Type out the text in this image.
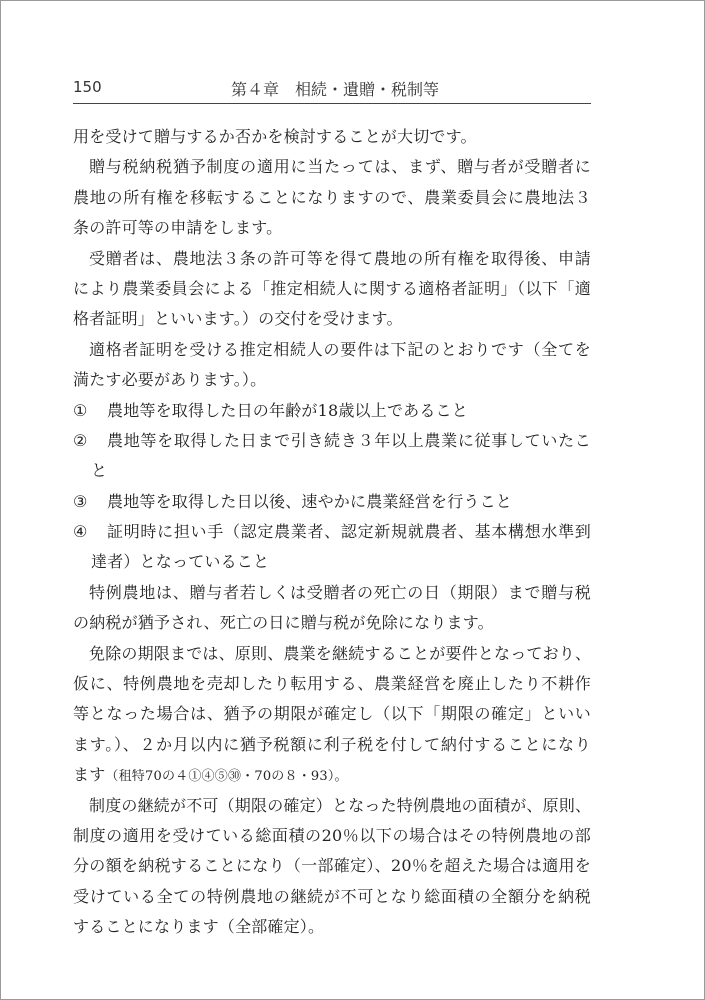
150	第４章　相続・遺贈・税制等
用を受けて贈与するか否かを検討することが大切です。
贈与税納税猶予制度の適用に当たっては、まず、贈与者が受贈者に
農地の所有権を移転することになりますので、農業委員会に農地法３
条の許可等の申請をします。
受贈者は、農地法３条の許可等を得て農地の所有権を取得後、申請
により農業委員会による「推定相続人に関する適格者証明」（以下「適
格者証明」といいます。）の交付を受けます。
適格者証明を受ける推定相続人の要件は下記のとおりです（全てを
満たす必要があります。）。
①	農地等を取得した日の年齢が18歳以上であること
②	農地等を取得した日まで引き続き３年以上農業に従事していたこ
と
③	農地等を取得した日以後、速やかに農業経営を行うこと
④	証明時に担い手（認定農業者、認定新規就農者、基本構想水準到
達者）となっていること
特例農地は、贈与者若しくは受贈者の死亡の日（期限）まで贈与税
の納税が猶予され、死亡の日に贈与税が免除になります。
免除の期限までは、原則、農業を継続することが要件となっており、
仮に、特例農地を売却したり転用する、農業経営を廃止したり不耕作
等となった場合は、猶予の期限が確定し（以下「期限の確定」といい
ます。）、２か月以内に猶予税額に利子税を付して納付することになり
ます（租特70の４①④⑤㉚・70の８・93）。
制度の継続が不可（期限の確定）となった特例農地の面積が、原則、
制度の適用を受けている総面積の20％以下の場合はその特例農地の部
分の額を納税することになり（一部確定）、20％を超えた場合は適用を
受けている全ての特例農地の継続が不可となり総面積の全額分を納税
することになります（全部確定）。
